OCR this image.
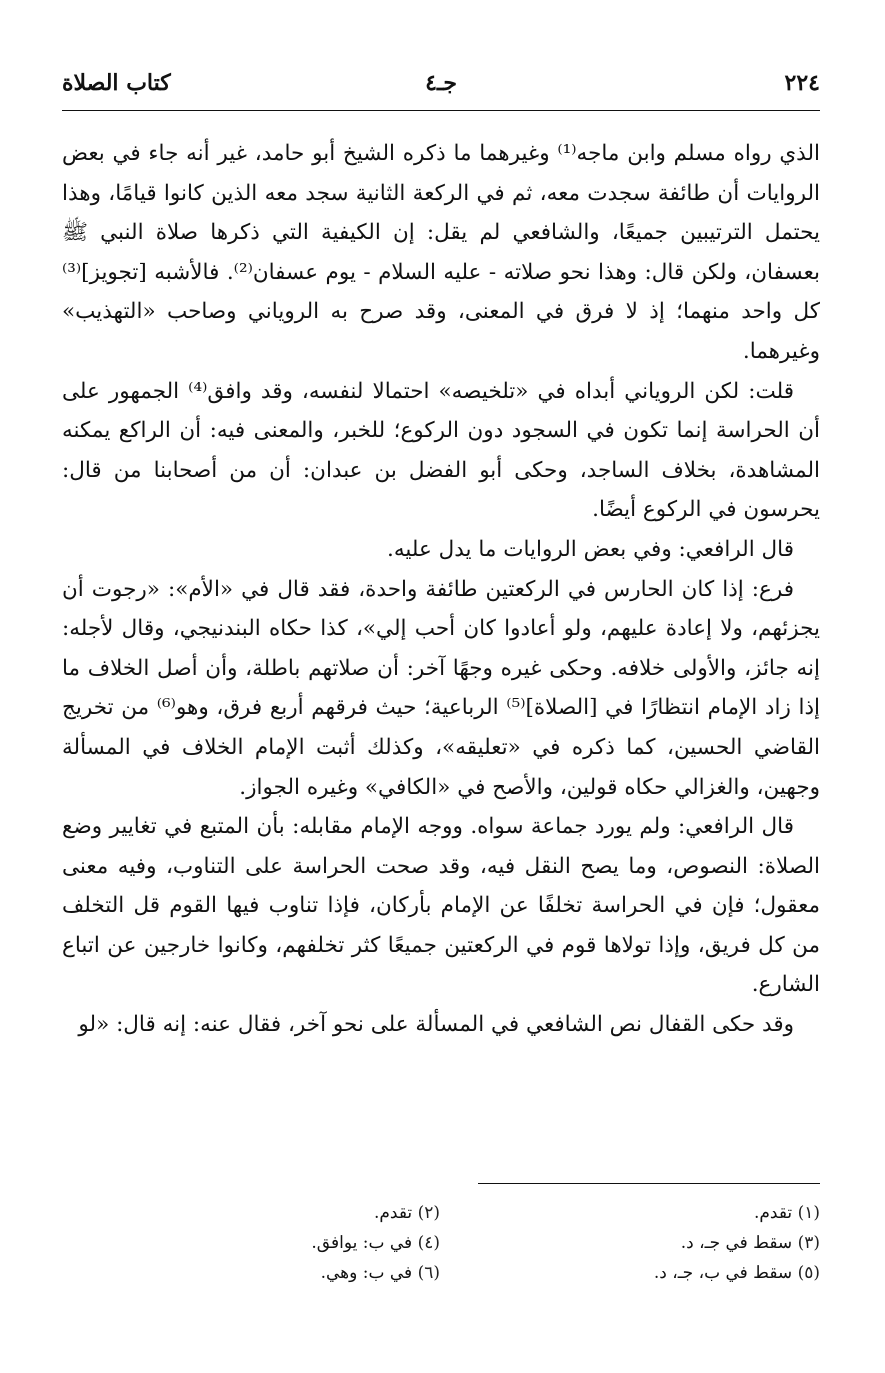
٢٢٤
جـ٤
كتاب الصلاة

الذي رواه مسلم وابن ماجه⁽¹⁾ وغيرهما ما ذكره الشيخ أبو حامد، غير أنه جاء في بعض الروايات أن طائفة سجدت معه، ثم في الركعة الثانية سجد معه الذين كانوا قيامًا، وهذا يحتمل الترتيبين جميعًا، والشافعي لم يقل: إن الكيفية التي ذكرها صلاة النبي ﷺ بعسفان، ولكن قال: وهذا نحو صلاته - عليه السلام - يوم عسفان⁽²⁾. فالأشبه [تجويز]⁽³⁾ كل واحد منهما؛ إذ لا فرق في المعنى، وقد صرح به الروياني وصاحب «التهذيب» وغيرهما.

قلت: لكن الروياني أبداه في «تلخيصه» احتمالا لنفسه، وقد وافق⁽⁴⁾ الجمهور على أن الحراسة إنما تكون في السجود دون الركوع؛ للخبر، والمعنى فيه: أن الراكع يمكنه المشاهدة، بخلاف الساجد، وحكى أبو الفضل بن عبدان: أن من أصحابنا من قال: يحرسون في الركوع أيضًا.

قال الرافعي: وفي بعض الروايات ما يدل عليه.

فرع: إذا كان الحارس في الركعتين طائفة واحدة، فقد قال في «الأم»: «رجوت أن يجزئهم، ولا إعادة عليهم، ولو أعادوا كان أحب إلي»، كذا حكاه البندنيجي، وقال لأجله: إنه جائز، والأولى خلافه. وحكى غيره وجهًا آخر: أن صلاتهم باطلة، وأن أصل الخلاف ما إذا زاد الإمام انتظارًا في [الصلاة]⁽⁵⁾ الرباعية؛ حيث فرقهم أربع فرق، وهو⁽⁶⁾ من تخريج القاضي الحسين، كما ذكره في «تعليقه»، وكذلك أثبت الإمام الخلاف في المسألة وجهين، والغزالي حكاه قولين، والأصح في «الكافي» وغيره الجواز.

قال الرافعي: ولم يورد جماعة سواه. ووجه الإمام مقابله: بأن المتبع في تغايير وضع الصلاة: النصوص، وما يصح النقل فيه، وقد صحت الحراسة على التناوب، وفيه معنى معقول؛ فإن في الحراسة تخلفًا عن الإمام بأركان، فإذا تناوب فيها القوم قل التخلف من كل فريق، وإذا تولاها قوم في الركعتين جميعًا كثر تخلفهم، وكانوا خارجين عن اتباع الشارع.

وقد حكى القفال نص الشافعي في المسألة على نحو آخر، فقال عنه: إنه قال: «لو

(١) تقدم.
(٣) سقط في جـ، د.
(٥) سقط في ب، جـ، د.
(٢) تقدم.
(٤) في ب: يوافق.
(٦) في ب: وهي.
